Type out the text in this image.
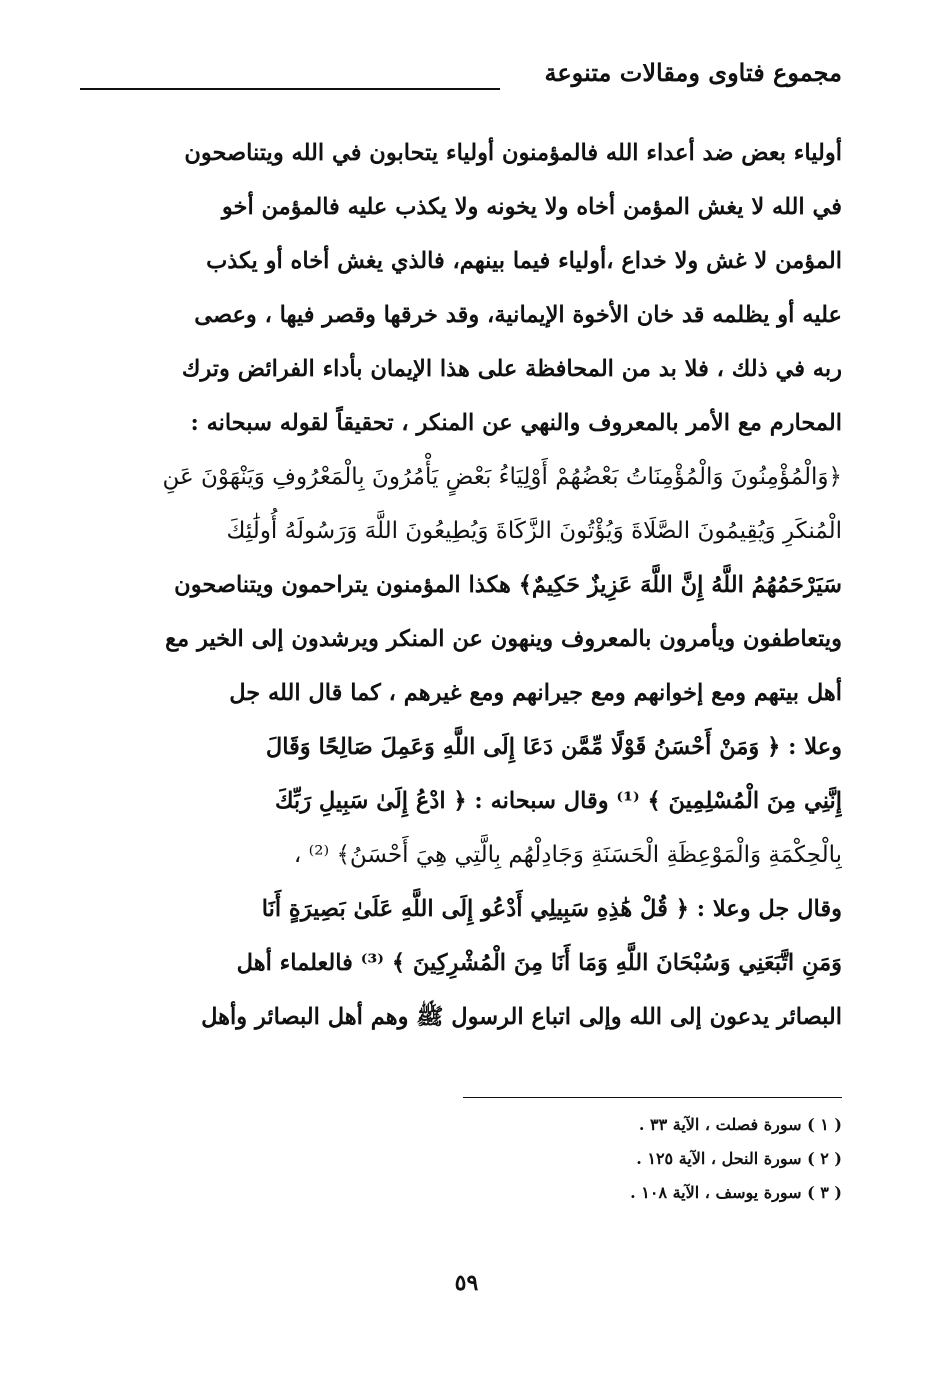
مجموع فتاوى ومقالات متنوعة
أولياء بعض ضد أعداء الله فالمؤمنون أولياء يتحابون في الله ويتناصحون
في الله لا يغش المؤمن أخاه ولا يخونه ولا يكذب عليه فالمؤمن أخو
المؤمن لا غش ولا خداع ،أولياء فيما بينهم، فالذي يغش أخاه أو يكذب
عليه أو يظلمه قد خان الأخوة الإيمانية، وقد خرقها وقصر فيها ، وعصى
ربه في ذلك ، فلا بد من المحافظة على هذا الإيمان بأداء الفرائض وترك
المحارم مع الأمر بالمعروف والنهي عن المنكر ، تحقيقاً لقوله سبحانه :
﴿وَالْمُؤْمِنُونَ وَالْمُؤْمِنَاتُ بَعْضُهُمْ أَوْلِيَاءُ بَعْضٍ يَأْمُرُونَ بِالْمَعْرُوفِ وَيَنْهَوْنَ عَنِ
الْمُنكَرِ وَيُقِيمُونَ الصَّلَاةَ وَيُؤْتُونَ الزَّكَاةَ وَيُطِيعُونَ اللَّهَ وَرَسُولَهُ أُولَٰئِكَ
سَيَرْحَمُهُمُ اللَّهُ إِنَّ اللَّهَ عَزِيزٌ حَكِيمٌ﴾ هكذا المؤمنون يتراحمون ويتناصحون
ويتعاطفون ويأمرون بالمعروف وينهون عن المنكر ويرشدون إلى الخير مع
أهل بيتهم ومع إخوانهم ومع جيرانهم ومع غيرهم ، كما قال الله جل
وعلا : ﴿ وَمَنْ أَحْسَنُ قَوْلًا مِّمَّن دَعَا إِلَى اللَّهِ وَعَمِلَ صَالِحًا وَقَالَ
إِنَّنِي مِنَ الْمُسْلِمِينَ ﴾ ⁽¹⁾ وقال سبحانه : ﴿ ادْعُ إِلَىٰ سَبِيلِ رَبِّكَ
بِالْحِكْمَةِ وَالْمَوْعِظَةِ الْحَسَنَةِ وَجَادِلْهُم بِالَّتِي هِيَ أَحْسَنُ﴾ ⁽²⁾ ،
وقال جل وعلا : ﴿ قُلْ هَٰذِهِ سَبِيلِي أَدْعُو إِلَى اللَّهِ عَلَىٰ بَصِيرَةٍ أَنَا
وَمَنِ اتَّبَعَنِي وَسُبْحَانَ اللَّهِ وَمَا أَنَا مِنَ الْمُشْرِكِينَ ﴾ ⁽³⁾ فالعلماء أهل
البصائر يدعون إلى الله وإلى اتباع الرسول ﷺ وهم أهل البصائر وأهل
( ١ ) سورة فصلت ، الآية ٣٣ .
( ٢ ) سورة النحل ، الآية ١٢٥ .
( ٣ ) سورة يوسف ، الآية ١٠٨ .
٥٩
